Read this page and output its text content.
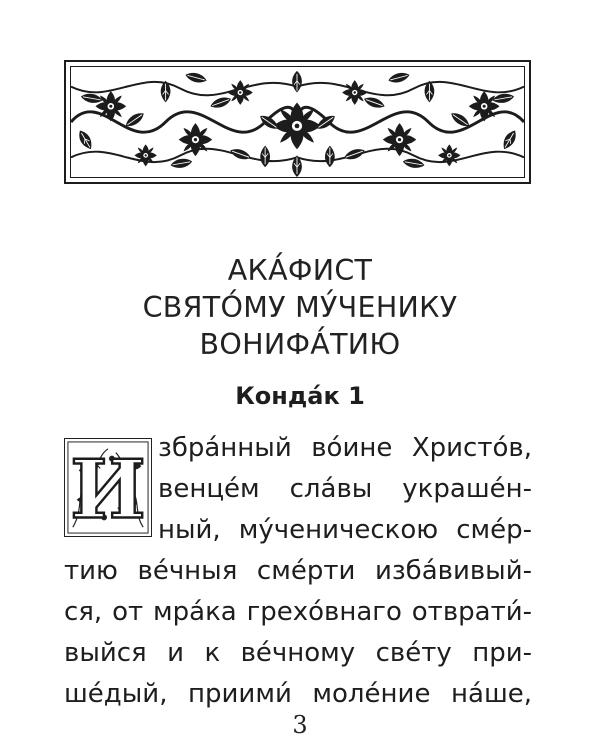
АКА́ФИСТ
СВЯТО́МУ МУ́ЧЕНИКУ
ВОНИФА́ТИЮ
Конда́к 1
И збра́нный во́ине Христо́в,
венце́м сла́вы украше́н-
ный, му́ченическою сме́р-
тию ве́чныя сме́рти изба́вивый-
ся, от мра́ка грехо́внаго отврати́-
выйся и к ве́чному све́ту при-
ше́дый, приими́ моле́ние на́ше,
3
